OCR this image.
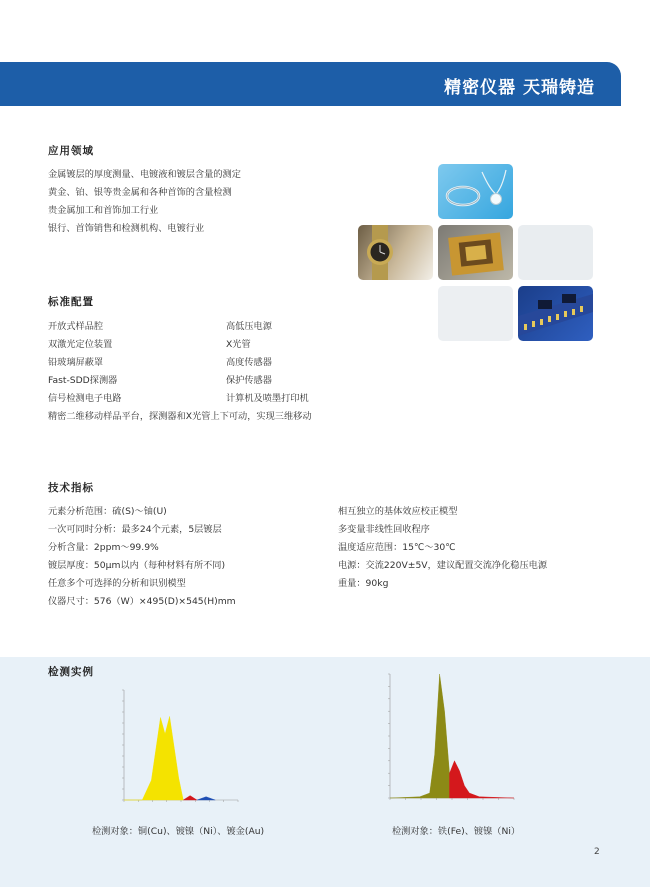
精密仪器 天瑞铸造
应用领域
金属镀层的厚度测量、电镀液和镀层含量的测定
黄金、铂、银等贵金属和各种首饰的含量检测
贵金属加工和首饰加工行业
银行、首饰销售和检测机构、电镀行业
标准配置
开放式样品腔
双激光定位装置
铅玻璃屏蔽罩
Fast-SDD探测器
信号检测电子电路
精密二维移动样品平台，探测器和X光管上下可动，实现三维移动
高低压电源
X光管
高度传感器
保护传感器
计算机及喷墨打印机
技术指标
元素分析范围：硫(S)～铀(U)
一次可同时分析：最多24个元素，5层镀层
分析含量：2ppm～99.9%
镀层厚度：50μm以内（每种材料有所不同)
任意多个可选择的分析和识别模型
仪器尺寸：576（W）×495(D)×545(H)mm
相互独立的基体效应校正模型
多变量非线性回收程序
温度适应范围：15℃～30℃
电源：交流220V±5V，建议配置交流净化稳压电源
重量：90kg
检测实例
检测对象：铜(Cu)、镀镍（Ni）、镀金(Au)	检测对象：铁(Fe)、镀镍（Ni）
2
